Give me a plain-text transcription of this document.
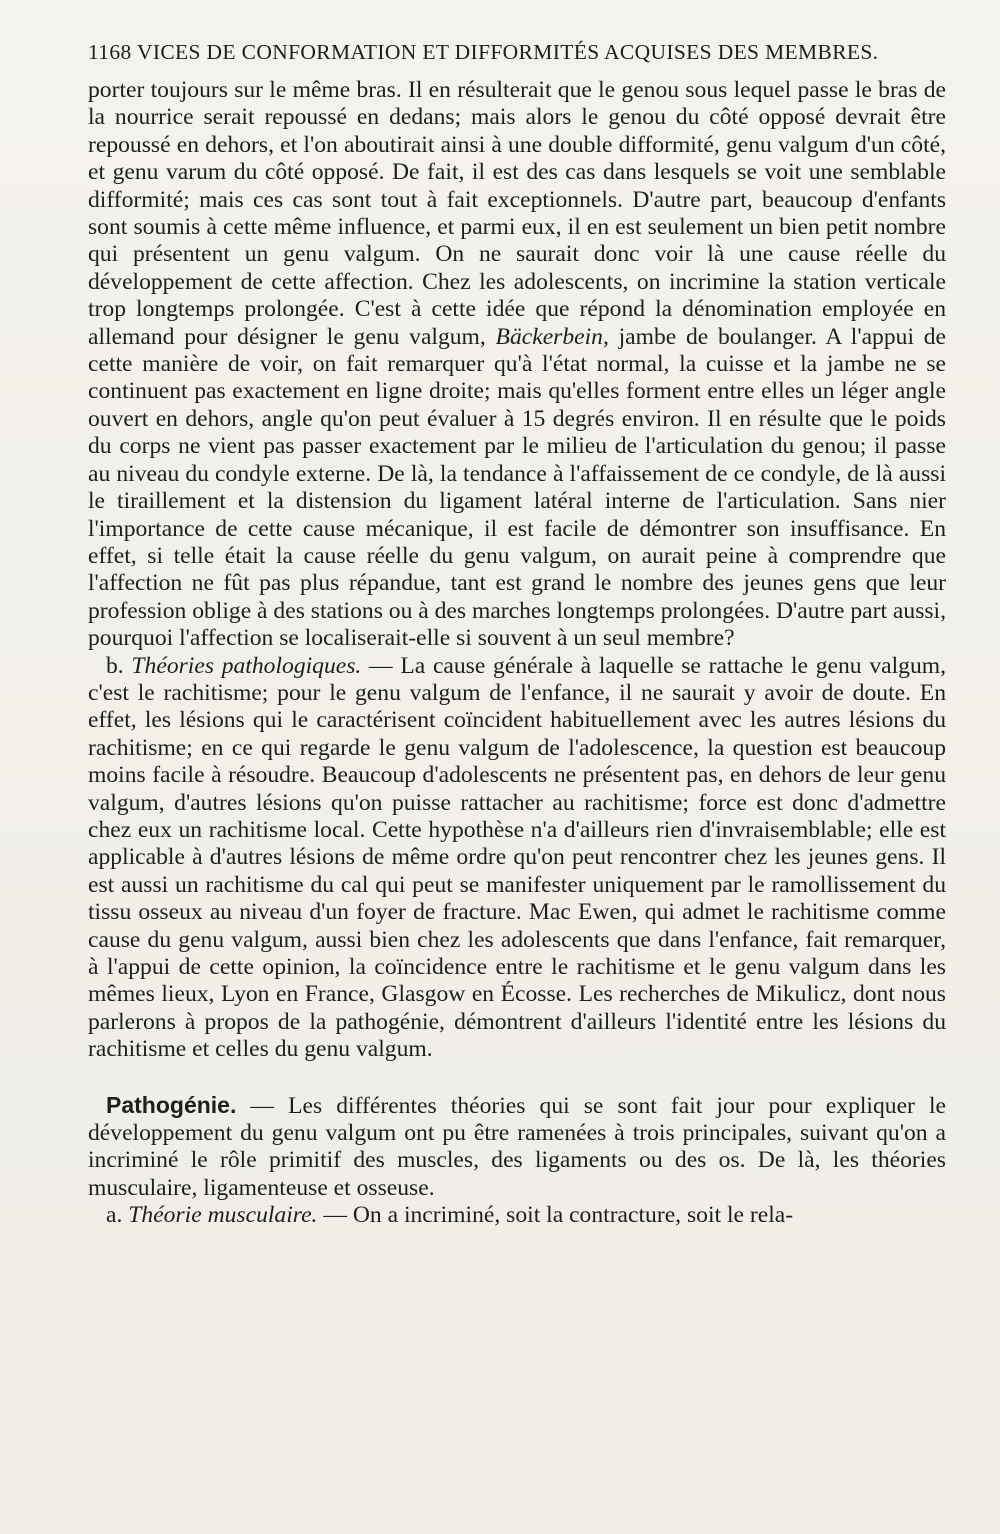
1168 VICES DE CONFORMATION ET DIFFORMITÉS ACQUISES DES MEMBRES.

porter toujours sur le même bras. Il en résulterait que le genou sous lequel passe le bras de la nourrice serait repoussé en dedans; mais alors le genou du côté opposé devrait être repoussé en dehors, et l'on aboutirait ainsi à une double difformité, genu valgum d'un côté, et genu varum du côté opposé. De fait, il est des cas dans lesquels se voit une semblable difformité; mais ces cas sont tout à fait exceptionnels. D'autre part, beaucoup d'enfants sont soumis à cette même influence, et parmi eux, il en est seulement un bien petit nombre qui présentent un genu valgum. On ne saurait donc voir là une cause réelle du développement de cette affection. Chez les adolescents, on incrimine la station verticale trop longtemps prolongée. C'est à cette idée que répond la dénomination employée en allemand pour désigner le genu valgum, Bäckerbein, jambe de boulanger. A l'appui de cette manière de voir, on fait remarquer qu'à l'état normal, la cuisse et la jambe ne se continuent pas exactement en ligne droite; mais qu'elles forment entre elles un léger angle ouvert en dehors, angle qu'on peut évaluer à 15 degrés environ. Il en résulte que le poids du corps ne vient pas passer exactement par le milieu de l'articulation du genou; il passe au niveau du condyle externe. De là, la tendance à l'affaissement de ce condyle, de là aussi le tiraillement et la distension du ligament latéral interne de l'articulation. Sans nier l'importance de cette cause mécanique, il est facile de démontrer son insuffisance. En effet, si telle était la cause réelle du genu valgum, on aurait peine à comprendre que l'affection ne fût pas plus répandue, tant est grand le nombre des jeunes gens que leur profession oblige à des stations ou à des marches longtemps prolongées. D'autre part aussi, pourquoi l'affection se localiserait-elle si souvent à un seul membre?

b. Théories pathologiques. — La cause générale à laquelle se rattache le genu valgum, c'est le rachitisme; pour le genu valgum de l'enfance, il ne saurait y avoir de doute. En effet, les lésions qui le caractérisent coïncident habituellement avec les autres lésions du rachitisme; en ce qui regarde le genu valgum de l'adolescence, la question est beaucoup moins facile à résoudre. Beaucoup d'adolescents ne présentent pas, en dehors de leur genu valgum, d'autres lésions qu'on puisse rattacher au rachitisme; force est donc d'admettre chez eux un rachitisme local. Cette hypothèse n'a d'ailleurs rien d'invraisemblable; elle est applicable à d'autres lésions de même ordre qu'on peut rencontrer chez les jeunes gens. Il est aussi un rachitisme du cal qui peut se manifester uniquement par le ramollissement du tissu osseux au niveau d'un foyer de fracture. Mac Ewen, qui admet le rachitisme comme cause du genu valgum, aussi bien chez les adolescents que dans l'enfance, fait remarquer, à l'appui de cette opinion, la coïncidence entre le rachitisme et le genu valgum dans les mêmes lieux, Lyon en France, Glasgow en Écosse. Les recherches de Mikulicz, dont nous parlerons à propos de la pathogénie, démontrent d'ailleurs l'identité entre les lésions du rachitisme et celles du genu valgum.

Pathogénie. — Les différentes théories qui se sont fait jour pour expliquer le développement du genu valgum ont pu être ramenées à trois principales, suivant qu'on a incriminé le rôle primitif des muscles, des ligaments ou des os. De là, les théories musculaire, ligamenteuse et osseuse.

a. Théorie musculaire. — On a incriminé, soit la contracture, soit le rela-
